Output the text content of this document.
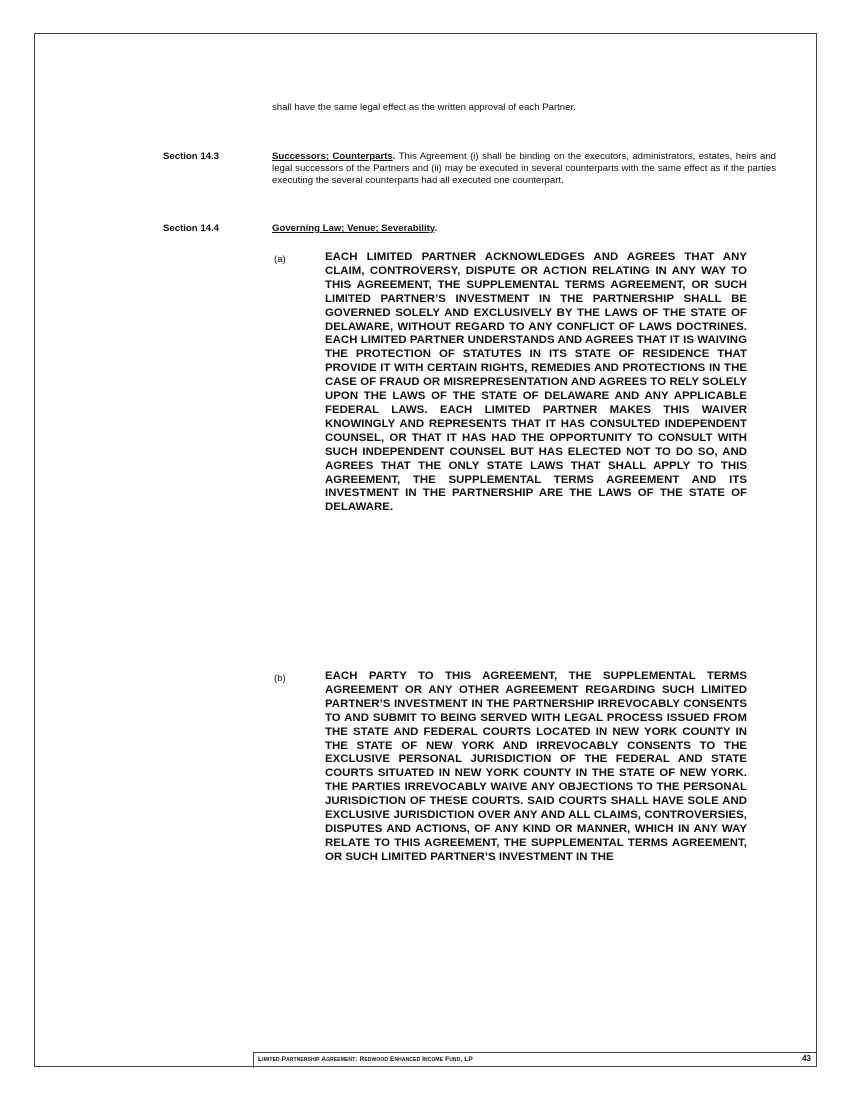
shall have the same legal effect as the written approval of each Partner.

Section 14.3	Successors; Counterparts. This Agreement (i) shall be binding on the executors, administrators, estates, heirs and legal successors of the Partners and (ii) may be executed in several counterparts with the same effect as if the parties executing the several counterparts had all executed one counterpart.

Section 14.4	Governing Law; Venue; Severability.

(a)	EACH LIMITED PARTNER ACKNOWLEDGES AND AGREES THAT ANY CLAIM, CONTROVERSY, DISPUTE OR ACTION RELATING IN ANY WAY TO THIS AGREEMENT, THE SUPPLEMENTAL TERMS AGREEMENT, OR SUCH LIMITED PARTNER’S INVESTMENT IN THE PARTNERSHIP SHALL BE GOVERNED SOLELY AND EXCLUSIVELY BY THE LAWS OF THE STATE OF DELAWARE, WITHOUT REGARD TO ANY CONFLICT OF LAWS DOCTRINES. EACH LIMITED PARTNER UNDERSTANDS AND AGREES THAT IT IS WAIVING THE PROTECTION OF STATUTES IN ITS STATE OF RESIDENCE THAT PROVIDE IT WITH CERTAIN RIGHTS, REMEDIES AND PROTECTIONS IN THE CASE OF FRAUD OR MISREPRESENTATION AND AGREES TO RELY SOLELY UPON THE LAWS OF THE STATE OF DELAWARE AND ANY APPLICABLE FEDERAL LAWS. EACH LIMITED PARTNER MAKES THIS WAIVER KNOWINGLY AND REPRESENTS THAT IT HAS CONSULTED INDEPENDENT COUNSEL, OR THAT IT HAS HAD THE OPPORTUNITY TO CONSULT WITH SUCH INDEPENDENT COUNSEL BUT HAS ELECTED NOT TO DO SO, AND AGREES THAT THE ONLY STATE LAWS THAT SHALL APPLY TO THIS AGREEMENT, THE SUPPLEMENTAL TERMS AGREEMENT AND ITS INVESTMENT IN THE PARTNERSHIP ARE THE LAWS OF THE STATE OF DELAWARE.

(b)	EACH PARTY TO THIS AGREEMENT, THE SUPPLEMENTAL TERMS AGREEMENT OR ANY OTHER AGREEMENT REGARDING SUCH LIMITED PARTNER’S INVESTMENT IN THE PARTNERSHIP IRREVOCABLY CONSENTS TO AND SUBMIT TO BEING SERVED WITH LEGAL PROCESS ISSUED FROM THE STATE AND FEDERAL COURTS LOCATED IN NEW YORK COUNTY IN THE STATE OF NEW YORK AND IRREVOCABLY CONSENTS TO THE EXCLUSIVE PERSONAL JURISDICTION OF THE FEDERAL AND STATE COURTS SITUATED IN NEW YORK COUNTY IN THE STATE OF NEW YORK. THE PARTIES IRREVOCABLY WAIVE ANY OBJECTIONS TO THE PERSONAL JURISDICTION OF THESE COURTS. SAID COURTS SHALL HAVE SOLE AND EXCLUSIVE JURISDICTION OVER ANY AND ALL CLAIMS, CONTROVERSIES, DISPUTES AND ACTIONS, OF ANY KIND OR MANNER, WHICH IN ANY WAY RELATE TO THIS AGREEMENT, THE SUPPLEMENTAL TERMS AGREEMENT, OR SUCH LIMITED PARTNER’S INVESTMENT IN THE

Limited Partnership Agreement: Redwood Enhanced Income Fund, LP	43
